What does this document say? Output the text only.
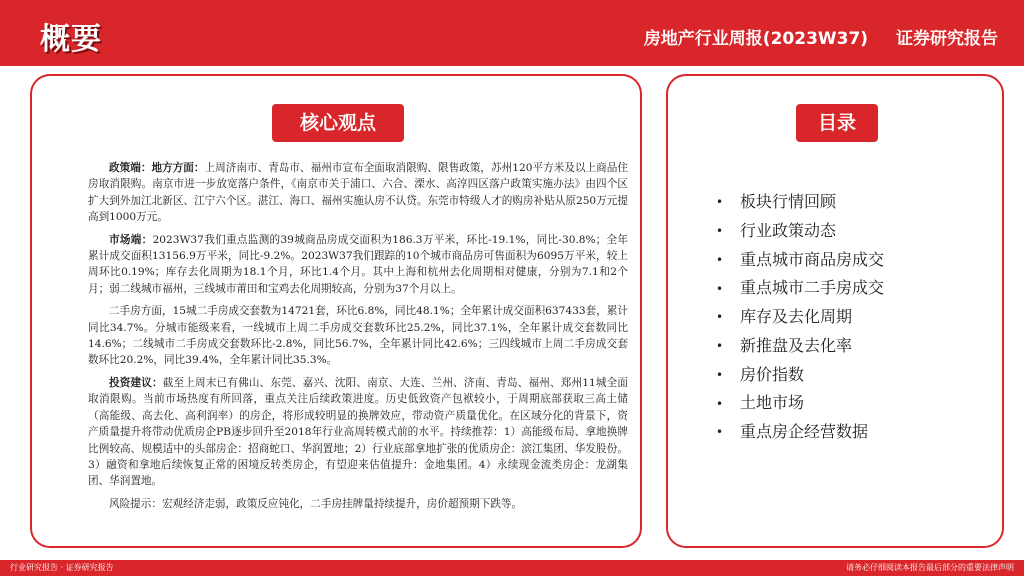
概要	房地产行业周报(2023W37) 证券研究报告
核心观点

政策端：地方方面：上周济南市、青岛市、福州市宣布全面取消限购、限售政策，苏州120平方米及以上商品住房取消限购。南京市进一步放宽落户条件，《南京市关于浦口、六合、溧水、高淳四区落户政策实施办法》由四个区扩大到外加江北新区、江宁六个区。湛江、海口、福州实施认房不认贷。东莞市特级人才的购房补贴从原250万元提高到1000万元。

市场端：2023W37我们重点监测的39城商品房成交面积为186.3万平米，环比-19.1%，同比-30.8%；全年累计成交面积13156.9万平米，同比-9.2%。2023W37我们跟踪的10个城市商品房可售面积为6095万平米，较上周环比0.19%；库存去化周期为18.1个月，环比1.4个月。其中上海和杭州去化周期相对健康，分别为7.1和2个月；弱二线城市福州，三线城市莆田和宝鸡去化周期较高，分别为37个月以上。

二手房方面，15城二手房成交套数为14721套，环比6.8%，同比48.1%；全年累计成交面积637433套，累计同比34.7%。分城市能级来看，一线城市上周二手房成交套数环比25.2%，同比37.1%，全年累计成交套数同比14.6%；二线城市二手房成交套数环比-2.8%，同比56.7%，全年累计同比42.6%；三四线城市上周二手房成交套数环比20.2%，同比39.4%，全年累计同比35.3%。

投资建议：截至上周末已有佛山、东莞、嘉兴、沈阳、南京、大连、兰州、济南、青岛、福州、郑州11城全面取消限购。当前市场热度有所回落，重点关注后续政策进度。历史低致资产包袱较小，于周期底部获取三高土储（高能级、高去化、高利润率）的房企，将形成较明显的换牌效应，带动资产质量优化。在区域分化的背景下，资产质量提升将带动优质房企PB逐步回升至2018年行业高周转模式前的水平。持续推荐：1）高能级布局、拿地换牌比例较高、规模适中的头部房企：招商蛇口、华润置地；2）行业底部拿地扩张的优质房企：滨江集团、华发股份。3）融资和拿地后续恢复正常的困境反转类房企，有望迎来估值提升：金地集团。4）永续现金流类房企：龙湖集团、华润置地。

风险提示：宏观经济走弱，政策反应钝化，二手房挂牌量持续提升，房价超预期下跌等。

目录
• 板块行情回顾
• 行业政策动态
• 重点城市商品房成交
• 重点城市二手房成交
• 库存及去化周期
• 新推盘及去化率
• 房价指数
• 土地市场
• 重点房企经营数据
行业研究报告 · 证券研究报告	请务必仔细阅读本报告最后部分的重要法律声明
